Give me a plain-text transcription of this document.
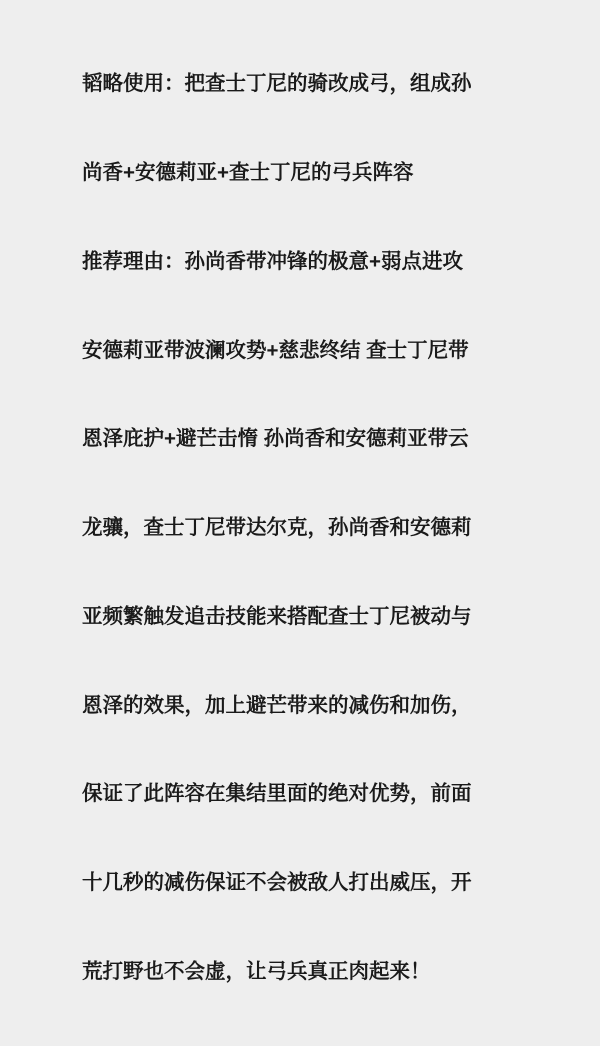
韬略使用：把查士丁尼的骑改成弓，组成孙

尚香+安德莉亚+查士丁尼的弓兵阵容

推荐理由：孙尚香带冲锋的极意+弱点进攻

安德莉亚带波澜攻势+慈悲终结 查士丁尼带

恩泽庇护+避芒击惰 孙尚香和安德莉亚带云

龙骧，查士丁尼带达尔克，孙尚香和安德莉

亚频繁触发追击技能来搭配查士丁尼被动与

恩泽的效果，加上避芒带来的减伤和加伤，

保证了此阵容在集结里面的绝对优势，前面

十几秒的减伤保证不会被敌人打出威压，开

荒打野也不会虚，让弓兵真正肉起来！
